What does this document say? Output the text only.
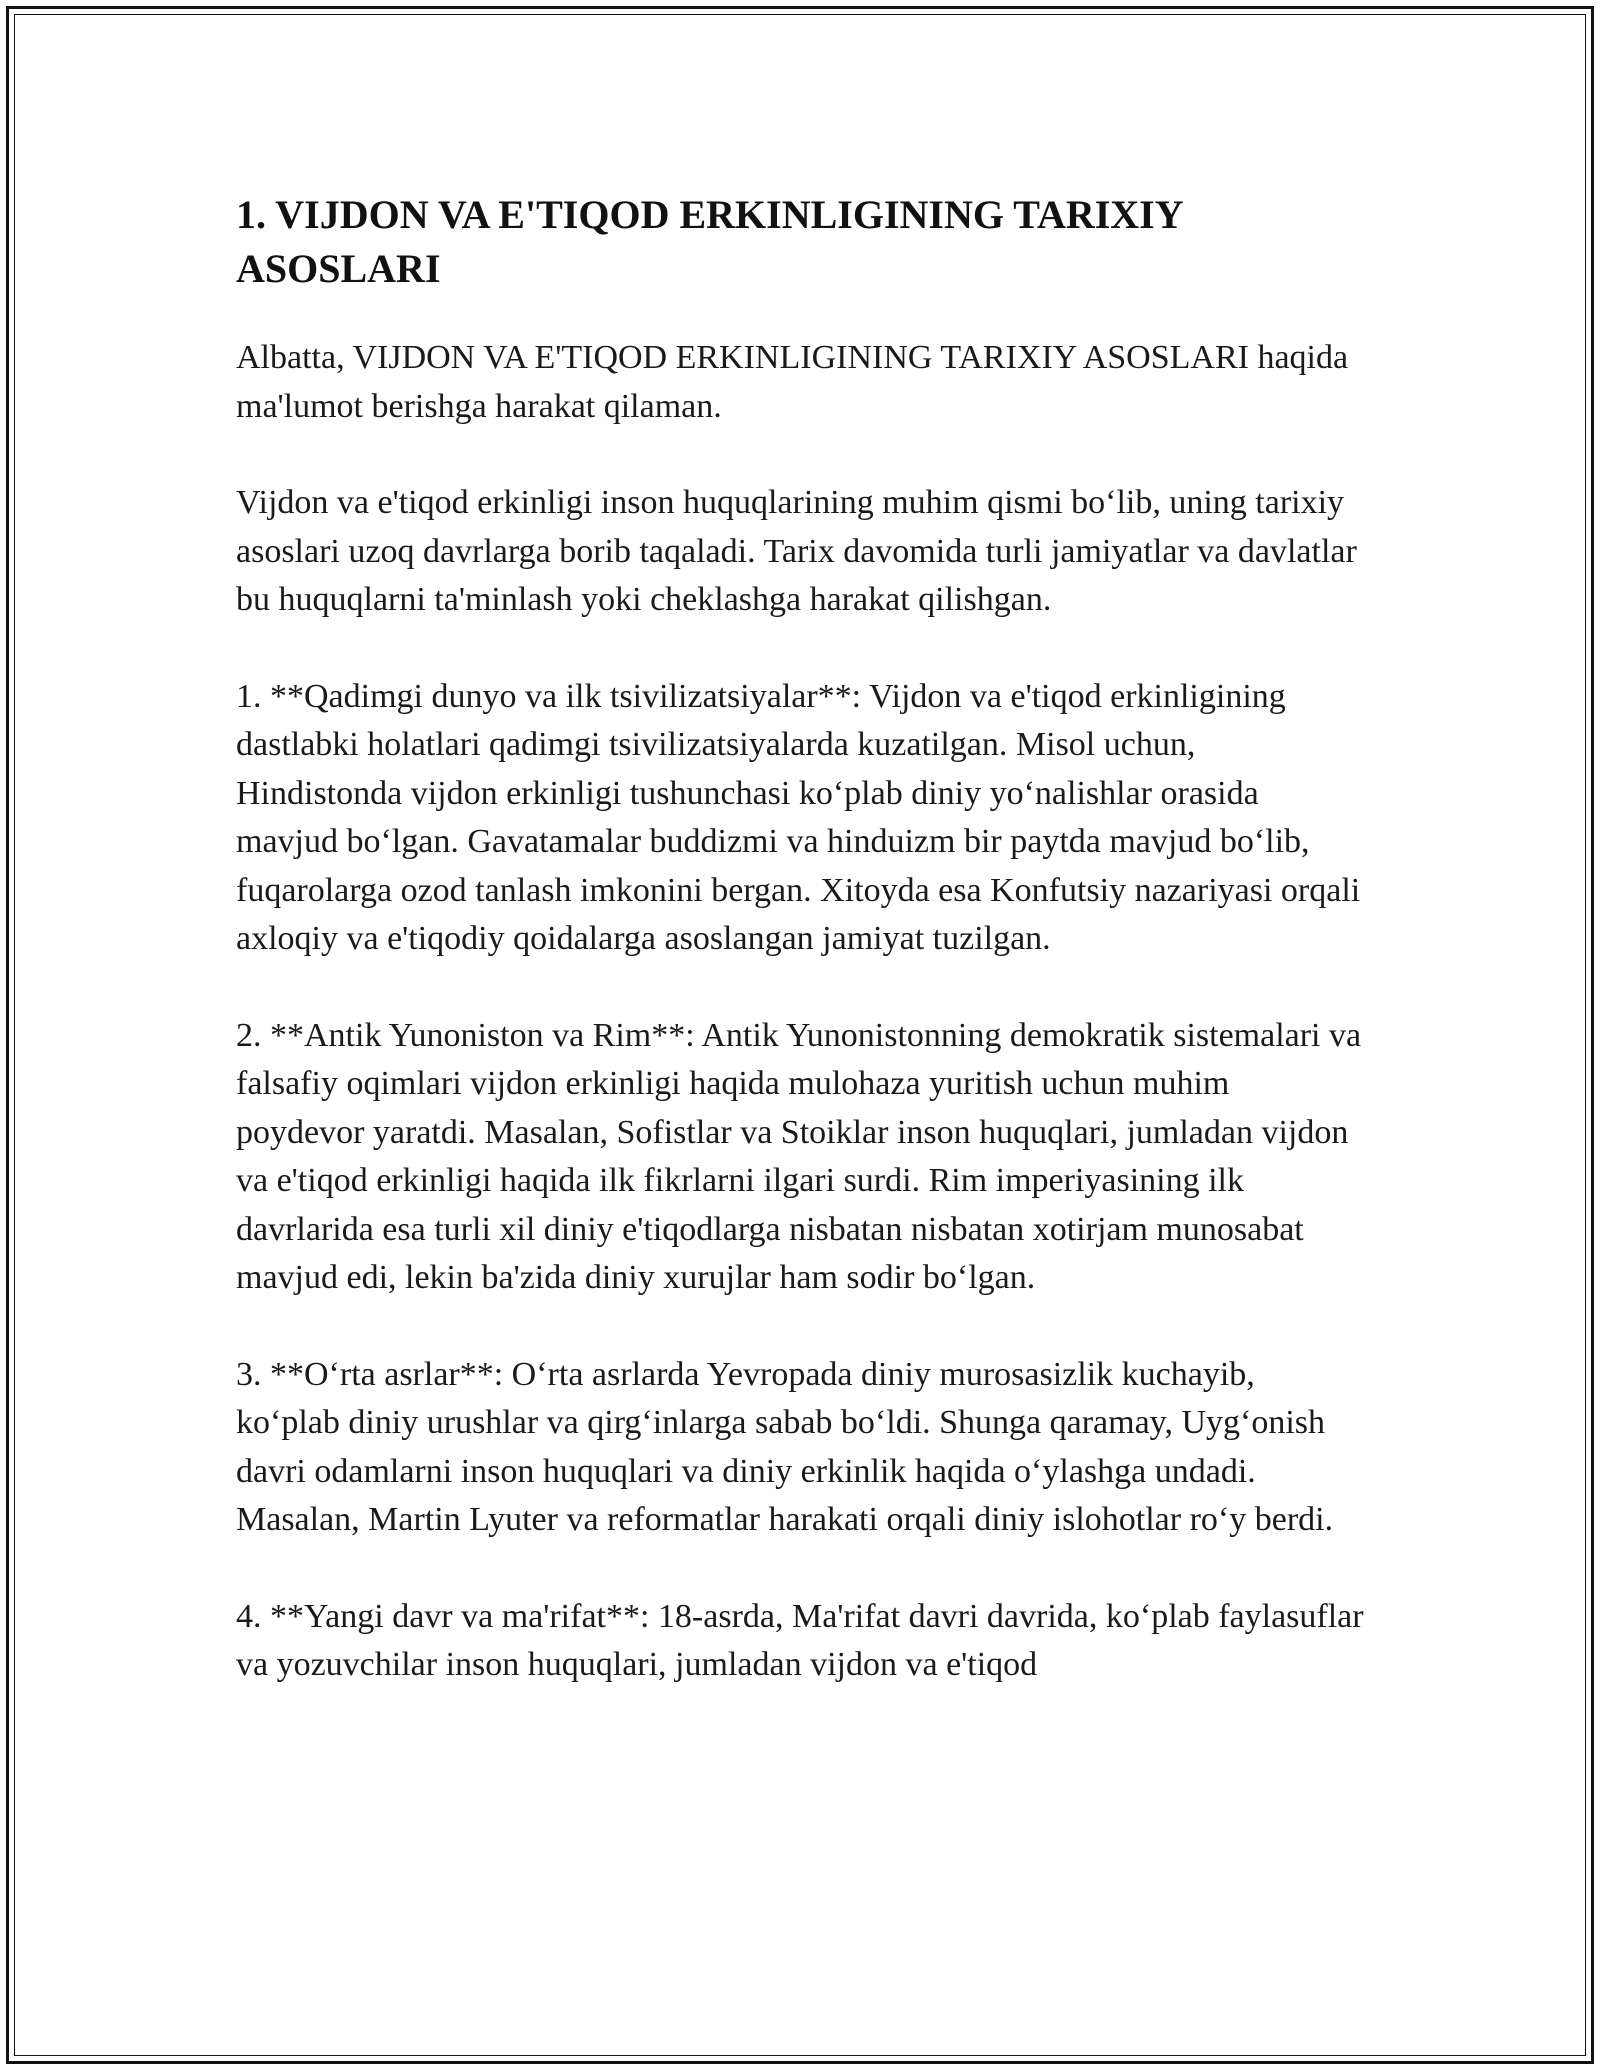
1. VIJDON VA E'TIQOD ERKINLIGINING TARIXIY ASOSLARI

Albatta, VIJDON VA E'TIQOD ERKINLIGINING TARIXIY ASOSLARI haqida ma'lumot berishga harakat qilaman.

Vijdon va e'tiqod erkinligi inson huquqlarining muhim qismi bo‘lib, uning tarixiy asoslari uzoq davrlarga borib taqaladi. Tarix davomida turli jamiyatlar va davlatlar bu huquqlarni ta'minlash yoki cheklashga harakat qilishgan.

1. **Qadimgi dunyo va ilk tsivilizatsiyalar**: Vijdon va e'tiqod erkinligining dastlabki holatlari qadimgi tsivilizatsiyalarda kuzatilgan. Misol uchun, Hindistonda vijdon erkinligi tushunchasi ko‘plab diniy yo‘nalishlar orasida mavjud bo‘lgan. Gavatamalar buddizmi va hinduizm bir paytda mavjud bo‘lib, fuqarolarga ozod tanlash imkonini bergan. Xitoyda esa Konfutsiy nazariyasi orqali axloqiy va e'tiqodiy qoidalarga asoslangan jamiyat tuzilgan.

2. **Antik Yunoniston va Rim**: Antik Yunonistonning demokratik sistemalari va falsafiy oqimlari vijdon erkinligi haqida mulohaza yuritish uchun muhim poydevor yaratdi. Masalan, Sofistlar va Stoiklar inson huquqlari, jumladan vijdon va e'tiqod erkinligi haqida ilk fikrlarni ilgari surdi. Rim imperiyasining ilk davrlarida esa turli xil diniy e'tiqodlarga nisbatan nisbatan xotirjam munosabat mavjud edi, lekin ba'zida diniy xurujlar ham sodir bo‘lgan.

3. **O‘rta asrlar**: O‘rta asrlarda Yevropada diniy murosasizlik kuchayib, ko‘plab diniy urushlar va qirg‘inlarga sabab bo‘ldi. Shunga qaramay, Uyg‘onish davri odamlarni inson huquqlari va diniy erkinlik haqida o‘ylashga undadi. Masalan, Martin Lyuter va reformatlar harakati orqali diniy islohotlar ro‘y berdi.

4. **Yangi davr va ma'rifat**: 18-asrda, Ma'rifat davri davrida, ko‘plab faylasuflar va yozuvchilar inson huquqlari, jumladan vijdon va e'tiqod
